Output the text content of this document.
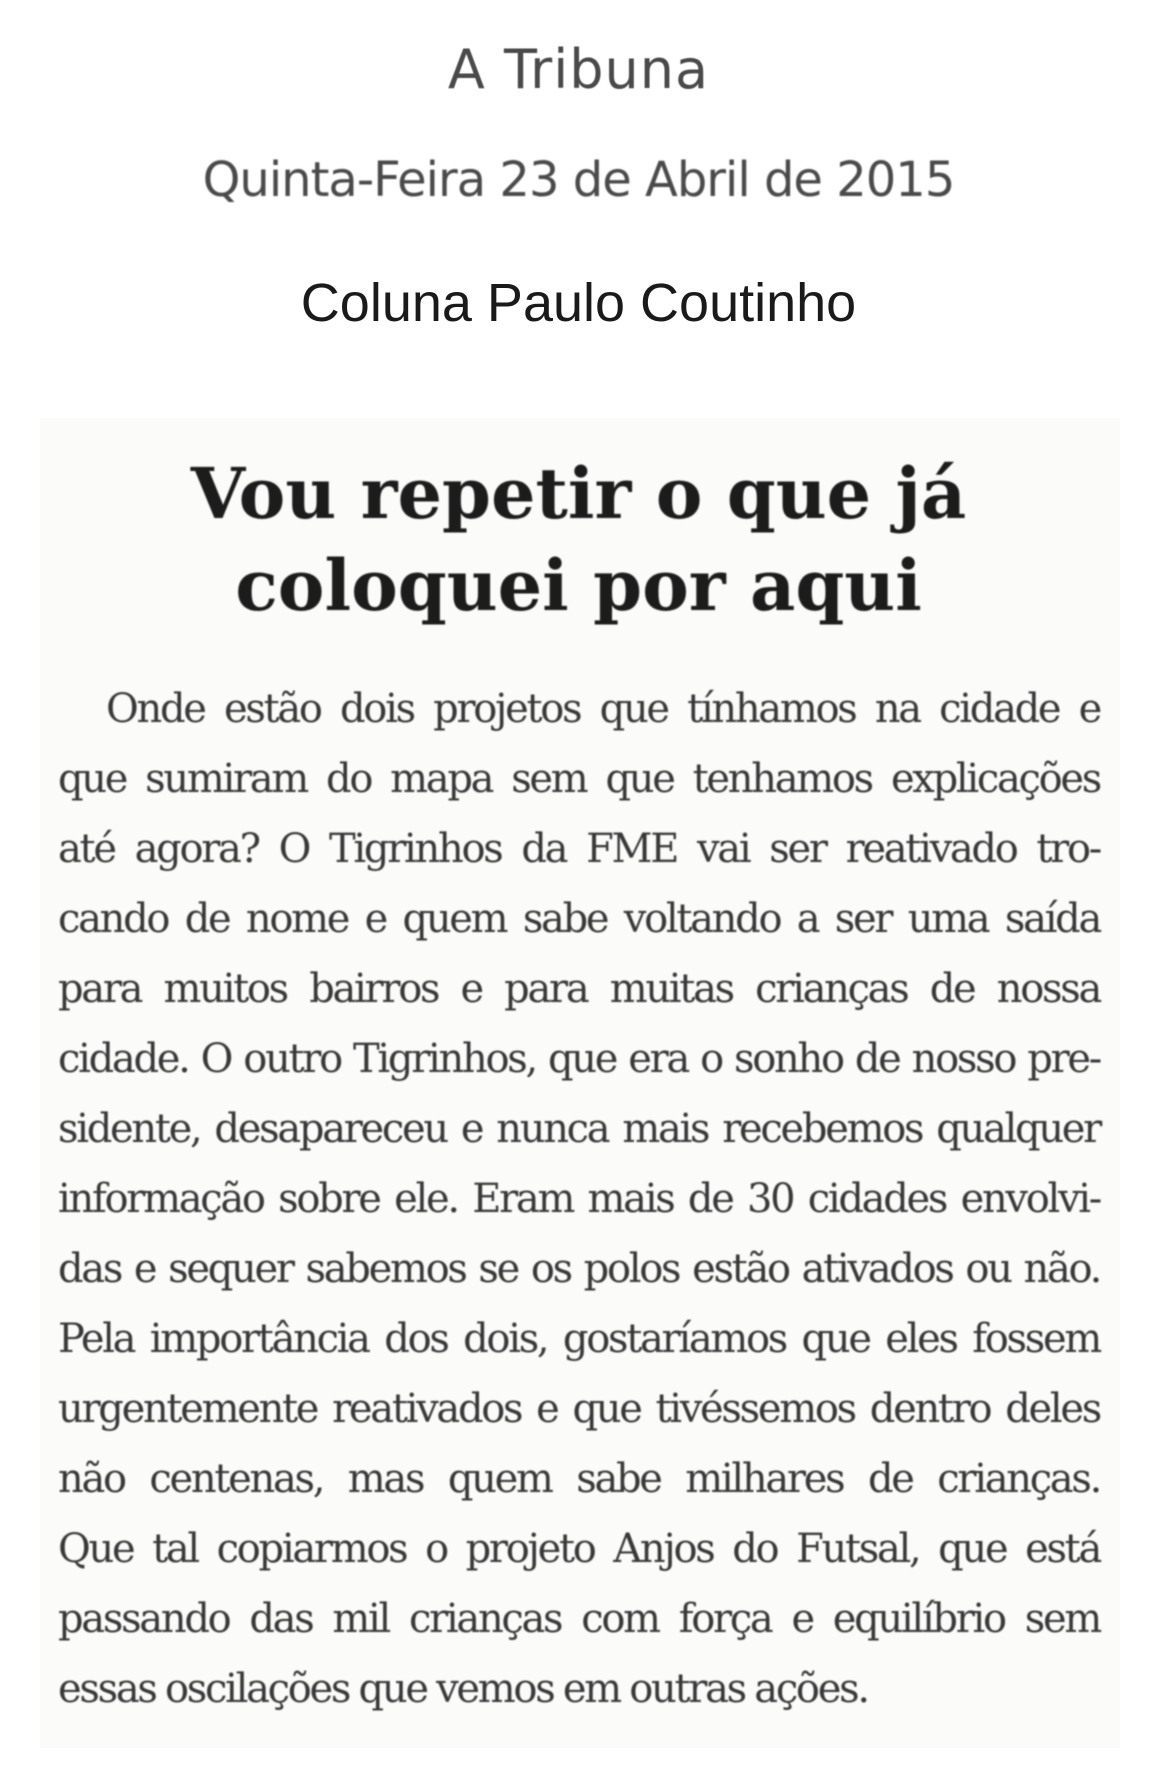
A Tribuna
Quinta-Feira 23 de Abril de 2015
Coluna Paulo Coutinho
Vou repetir o que já
coloquei por aqui
Onde estão dois projetos que tínhamos na cidade e
que sumiram do mapa sem que tenhamos explicações
até agora? O Tigrinhos da FME vai ser reativado tro-
cando de nome e quem sabe voltando a ser uma saída
para muitos bairros e para muitas crianças de nossa
cidade. O outro Tigrinhos, que era o sonho de nosso pre-
sidente, desapareceu e nunca mais recebemos qualquer
informação sobre ele. Eram mais de 30 cidades envolvi-
das e sequer sabemos se os polos estão ativados ou não.
Pela importância dos dois, gostaríamos que eles fossem
urgentemente reativados e que tivéssemos dentro deles
não centenas, mas quem sabe milhares de crianças.
Que tal copiarmos o projeto Anjos do Futsal, que está
passando das mil crianças com força e equilíbrio sem
essas oscilações que vemos em outras ações.
